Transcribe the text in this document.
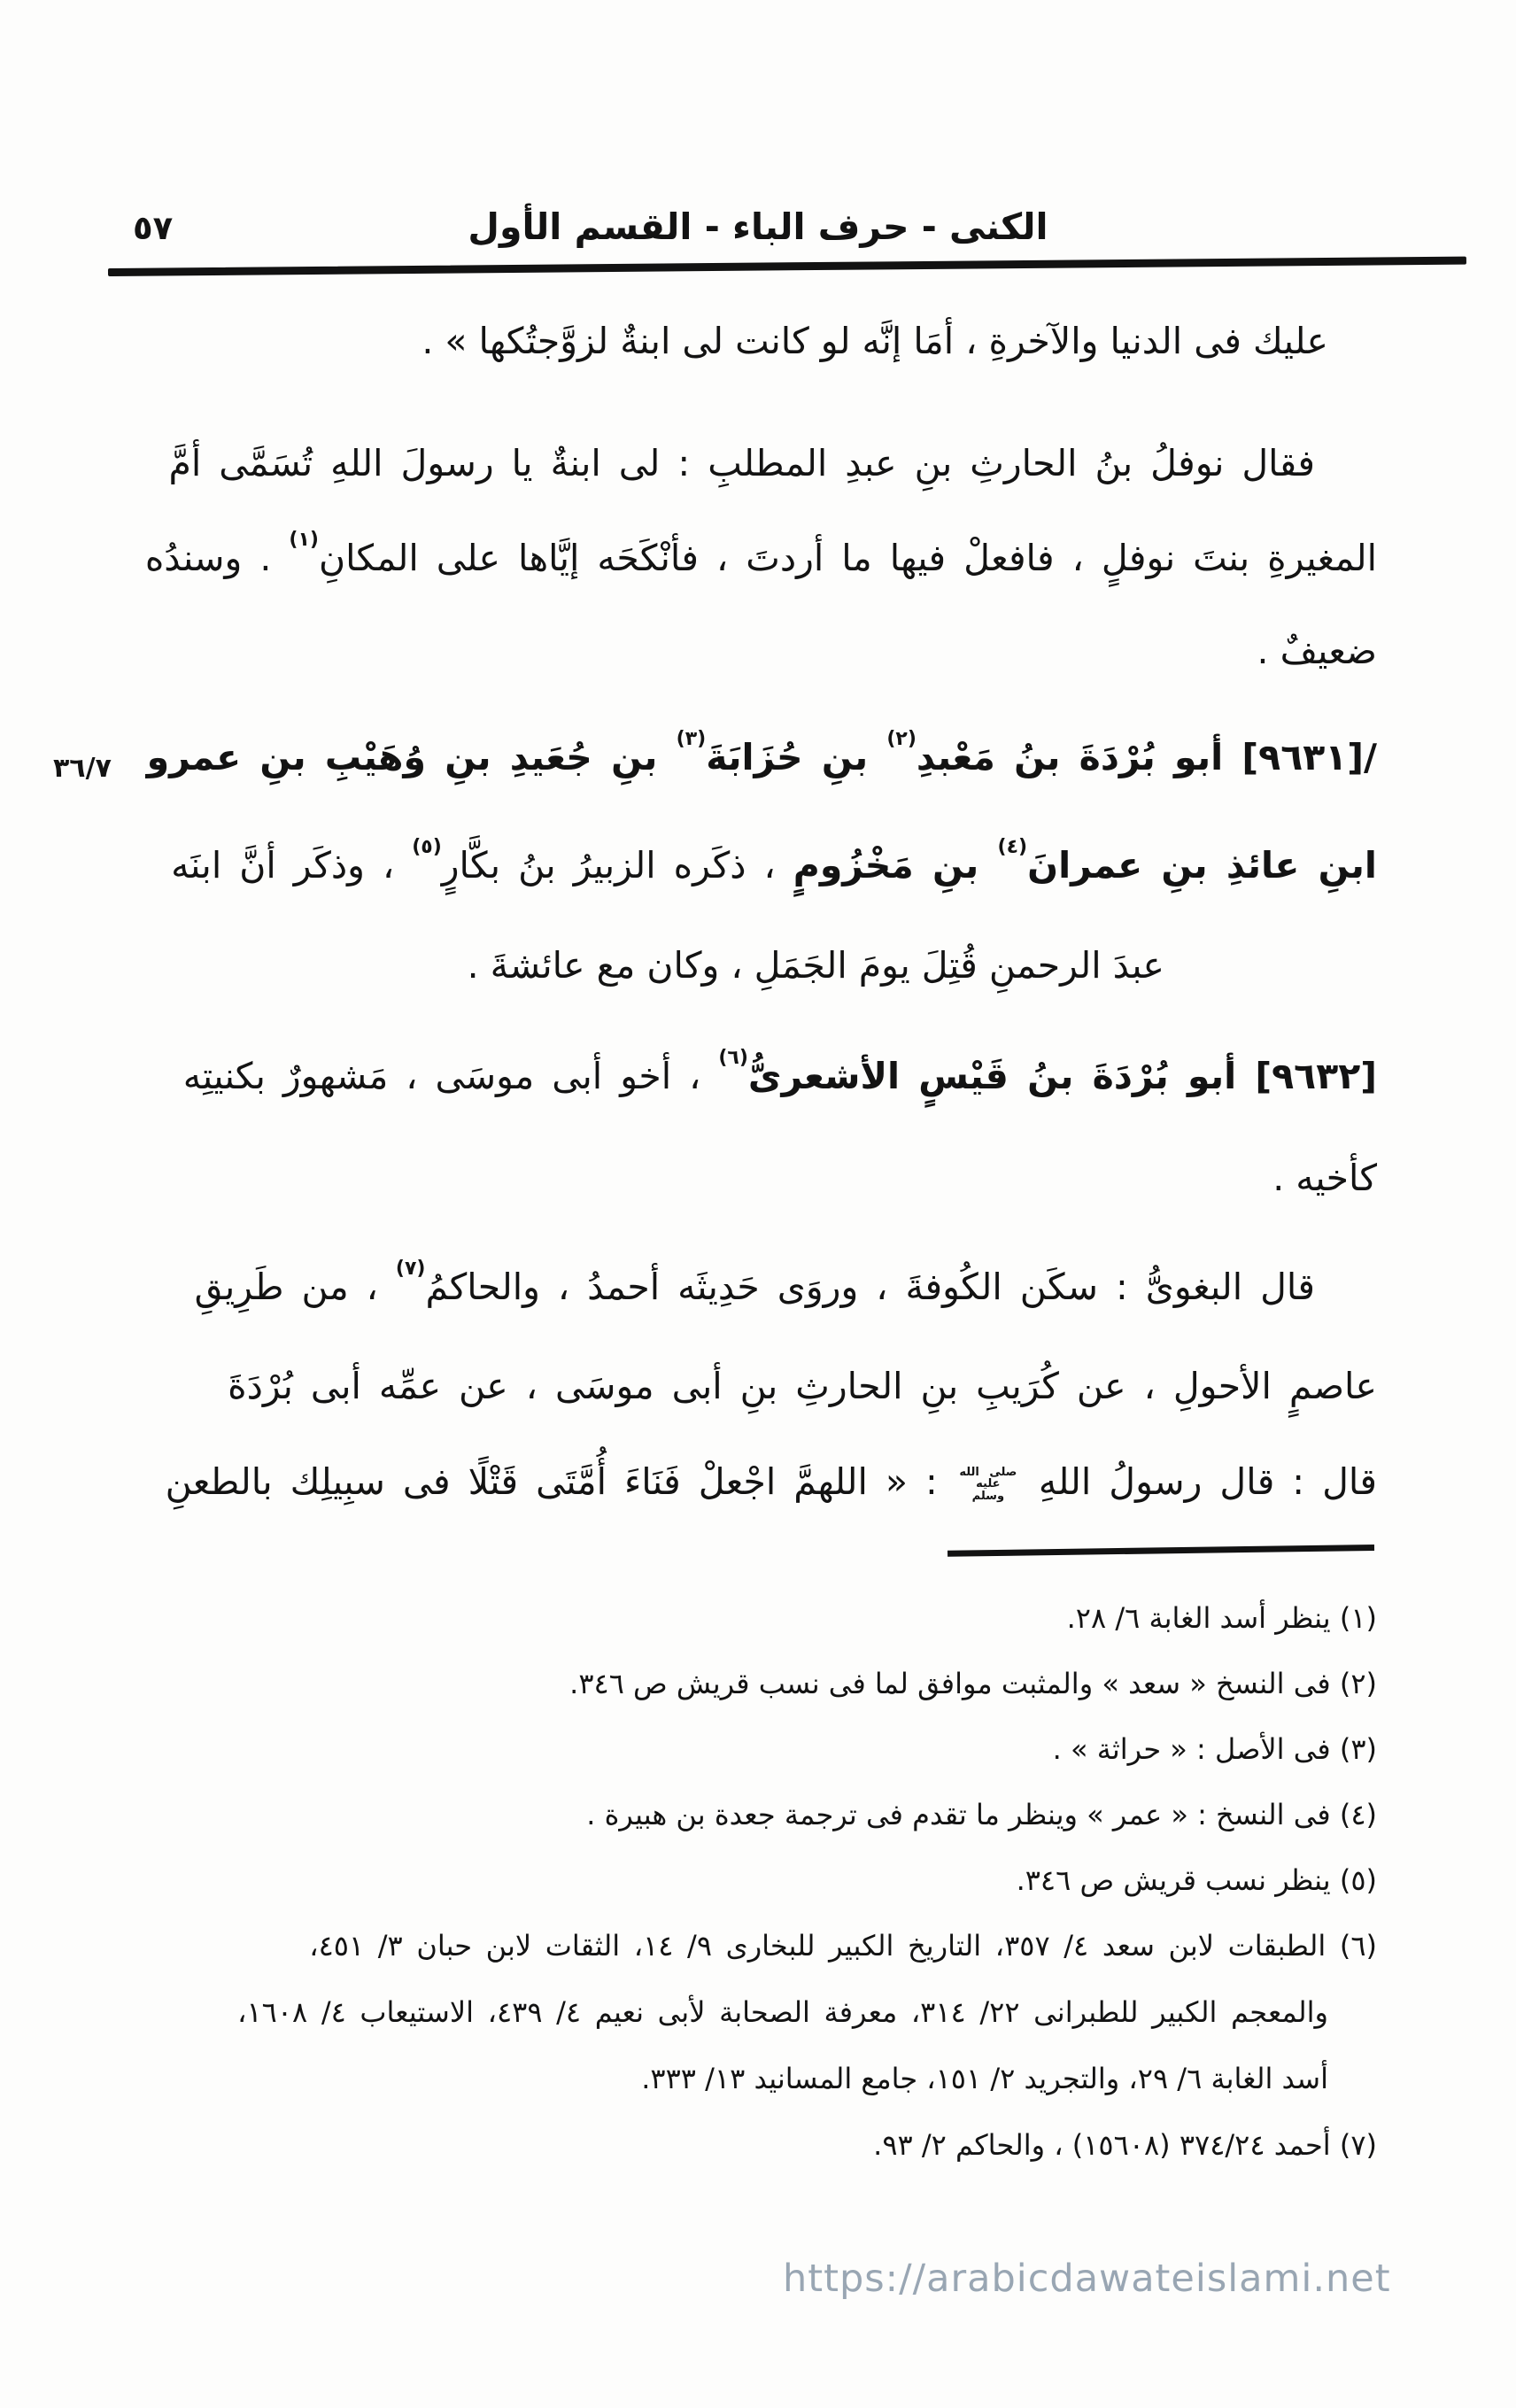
٥٧	الكنى - حرف الباء - القسم الأول
٣٦/٧
عليك فى الدنيا والآخرةِ ، أمَا إنَّه لو كانت لى ابنةٌ لزوَّجتُكها » .
فقال نوفلُ بنُ الحارثِ بنِ عبدِ المطلبِ : لى ابنةٌ يا رسولَ اللهِ تُسَمَّى أمَّ
المغيرةِ بنتَ نوفلٍ ، فافعلْ فيها ما أردتَ ، فأنْكَحَه إيَّاها على المكانِ$^{(١)}$ . وسندُه
ضعيفٌ .
/[٩٦٣١] أبو بُرْدَةَ بنُ مَعْبدِ$^{(٢)}$ بنِ حُزَابَةَ$^{(٣)}$ بنِ جُعَيدِ بنِ وُهَيْبِ بنِ عمرو
ابنِ عائذِ بنِ عمرانَ$^{(٤)}$ بنِ مَخْزُومٍ ، ذكَره الزبيرُ بنُ بكَّارٍ$^{(٥)}$ ، وذكَر أنَّ ابنَه
عبدَ الرحمنِ قُتِلَ يومَ الجَمَلِ ، وكان مع عائشةَ .
[٩٦٣٢] أبو بُرْدَةَ بنُ قَيْسٍ الأشعرىُّ$^{(٦)}$ ، أخو أبى موسَى ، مَشهورٌ بكنيتِه
كأخيه .
قال البغوىُّ : سكَن الكُوفةَ ، وروَى حَدِيثَه أحمدُ ، والحاكمُ$^{(٧)}$ ، من طَرِيقِ
عاصمٍ الأحولِ ، عن كُرَيبِ بنِ الحارثِ بنِ أبى موسَى ، عن عمِّه أبى بُرْدَةَ
قال : قال رسولُ اللهِ صلى الله عليه وسلم : « اللهمَّ اجْعلْ فَنَاءَ أُمَّتَى قَتْلًا فى سبِيلِك بالطعنِ
(١) ينظر أسد الغابة ٦/ ٢٨.
(٢) فى النسخ « سعد » والمثبت موافق لما فى نسب قريش ص ٣٤٦.
(٣) فى الأصل : « حراثة » .
(٤) فى النسخ : « عمر » وينظر ما تقدم فى ترجمة جعدة بن هبيرة .
(٥) ينظر نسب قريش ص ٣٤٦.
(٦) الطبقات لابن سعد ٤/ ٣٥٧، التاريخ الكبير للبخارى ٩/ ١٤، الثقات لابن حبان ٣/ ٤٥١،
والمعجم الكبير للطبرانى ٢٢/ ٣١٤، معرفة الصحابة لأبى نعيم ٤/ ٤٣٩، الاستيعاب ٤/ ١٦٠٨،
أسد الغابة ٦/ ٢٩، والتجريد ٢/ ١٥١، جامع المسانيد ١٣/ ٣٣٣.
(٧) أحمد ٣٧٤/٢٤ (١٥٦٠٨) ، والحاكم ٢/ ٩٣.
https://arabicdawateislami.net
